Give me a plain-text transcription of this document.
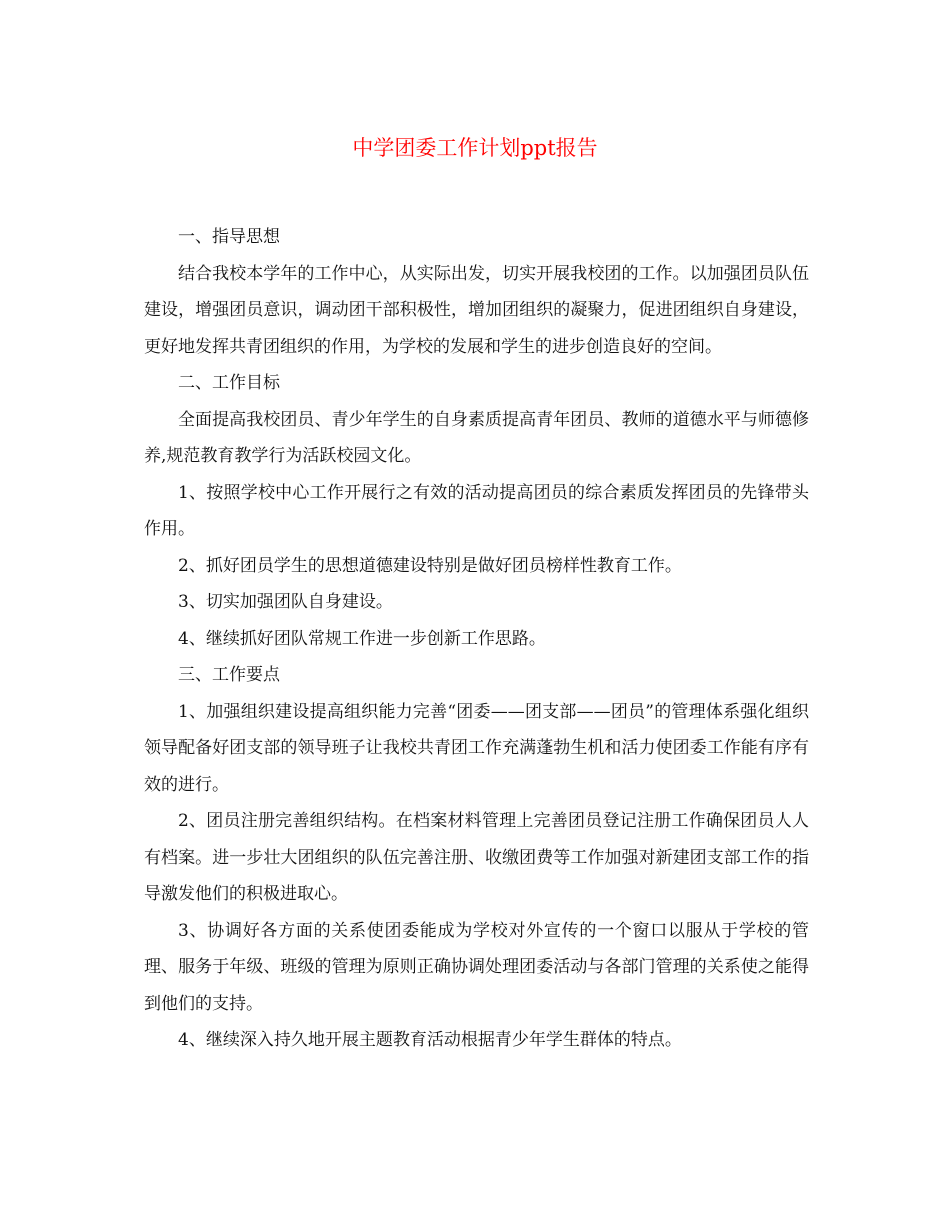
中学团委工作计划ppt报告

一、指导思想

结合我校本学年的工作中心，从实际出发，切实开展我校团的工作。以加强团员队伍建设，增强团员意识，调动团干部积极性，增加团组织的凝聚力，促进团组织自身建设，更好地发挥共青团组织的作用，为学校的发展和学生的进步创造良好的空间。

二、工作目标

全面提高我校团员、青少年学生的自身素质提高青年团员、教师的道德水平与师德修养,规范教育教学行为活跃校园文化。

1、按照学校中心工作开展行之有效的活动提高团员的综合素质发挥团员的先锋带头作用。

2、抓好团员学生的思想道德建设特别是做好团员榜样性教育工作。

3、切实加强团队自身建设。

4、继续抓好团队常规工作进一步创新工作思路。

三、工作要点

1、加强组织建设提高组织能力完善“团委——团支部——团员”的管理体系强化组织领导配备好团支部的领导班子让我校共青团工作充满蓬勃生机和活力使团委工作能有序有效的进行。

2、团员注册完善组织结构。在档案材料管理上完善团员登记注册工作确保团员人人有档案。进一步壮大团组织的队伍完善注册、收缴团费等工作加强对新建团支部工作的指导激发他们的积极进取心。

3、协调好各方面的关系使团委能成为学校对外宣传的一个窗口以服从于学校的管理、服务于年级、班级的管理为原则正确协调处理团委活动与各部门管理的关系使之能得到他们的支持。

4、继续深入持久地开展主题教育活动根据青少年学生群体的特点。
